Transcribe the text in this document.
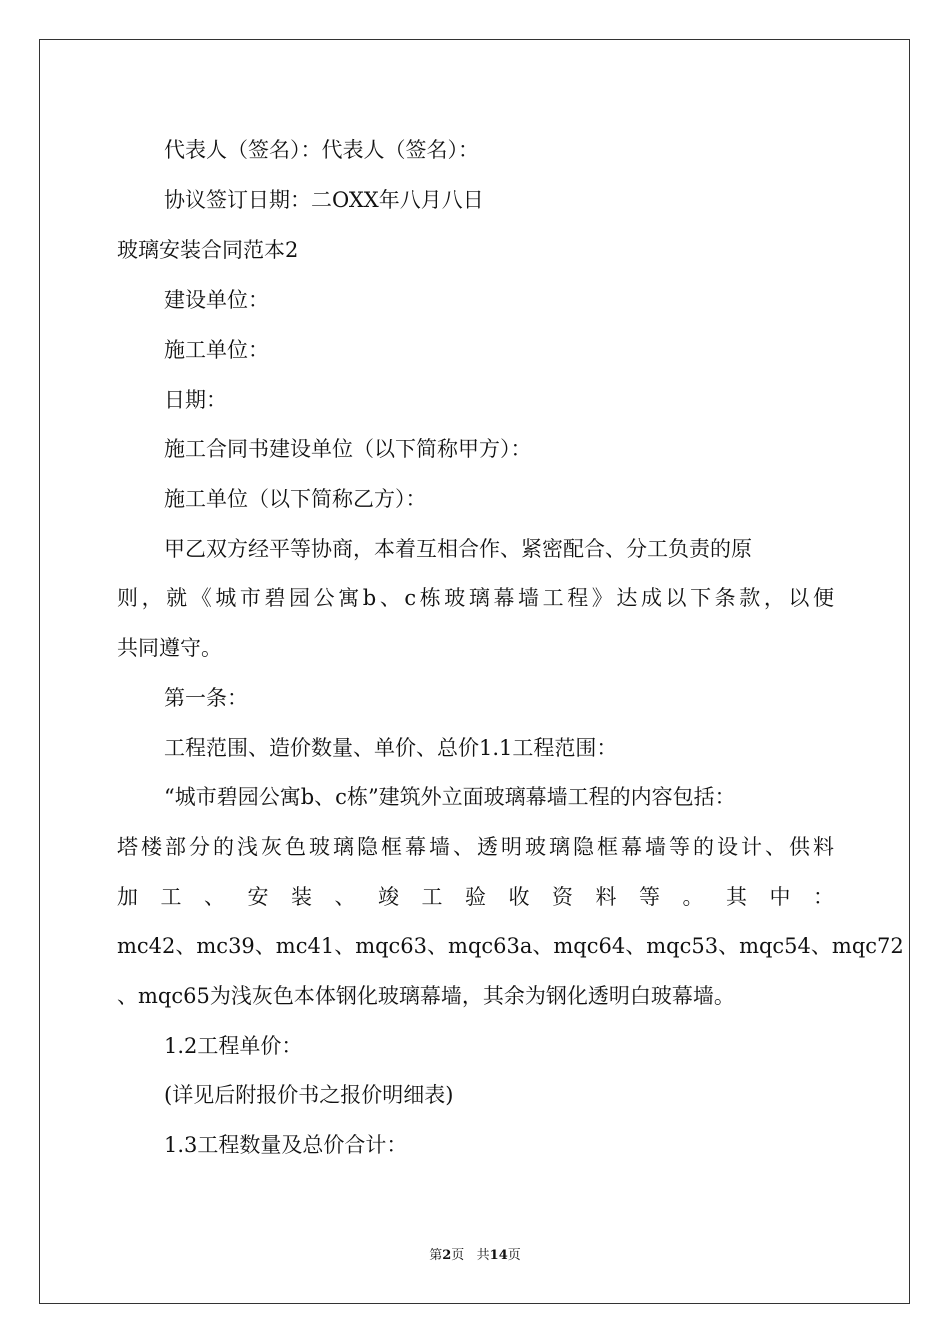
代表人（签名）：代表人（签名）：
协议签订日期：二OXX年八月八日
玻璃安装合同范本2
建设单位：
施工单位：
日期：
施工合同书建设单位（以下简称甲方）：
施工单位（以下简称乙方）：
甲乙双方经平等协商，本着互相合作、紧密配合、分工负责的原
则，就《城市碧园公寓b、c栋玻璃幕墙工程》达成以下条款，以便
共同遵守。
第一条：
工程范围、造价数量、单价、总价1.1工程范围：
“城市碧园公寓b、c栋”建筑外立面玻璃幕墙工程的内容包括：
塔楼部分的浅灰色玻璃隐框幕墙、透明玻璃隐框幕墙等的设计、供料
加 工 、 安 装 、 竣 工 验 收 资 料 等 。 其 中 ：
mc42、mc39、mc41、mqc63、mqc63a、mqc64、mqc53、mqc54、mqc72
、mqc65为浅灰色本体钢化玻璃幕墙，其余为钢化透明白玻幕墙。
1.2工程单价：
(详见后附报价书之报价明细表)
1.3工程数量及总价合计：
第2页   共14页
